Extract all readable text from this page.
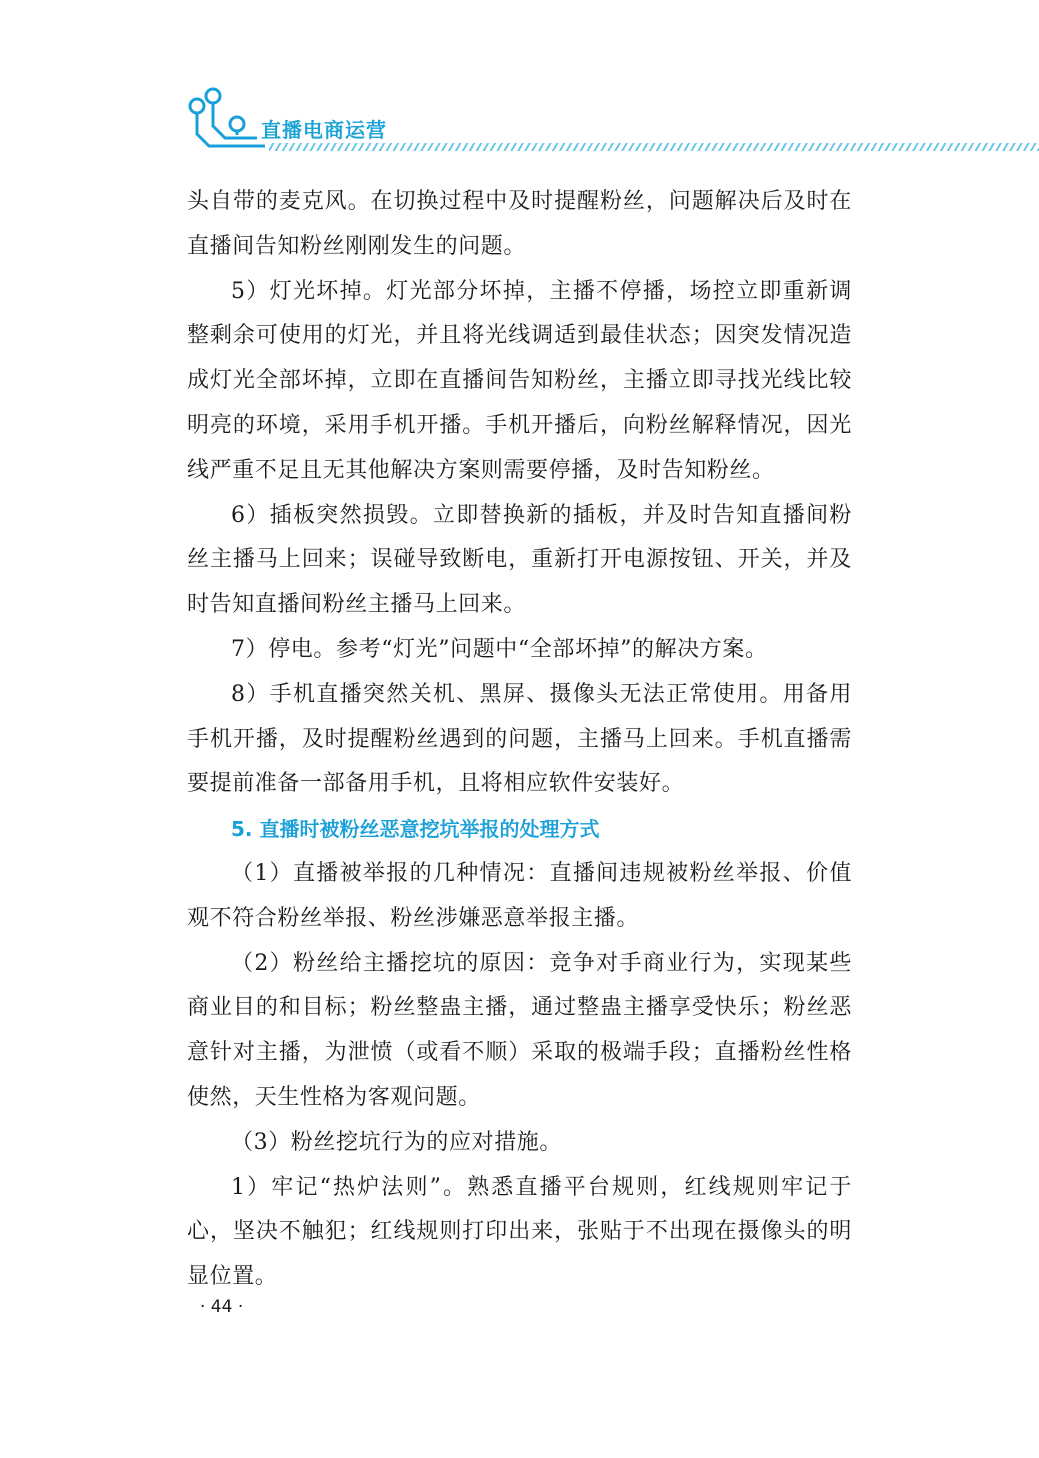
直播电商运营

头自带的麦克风。在切换过程中及时提醒粉丝，问题解决后及时在直播间告知粉丝刚刚发生的问题。

5）灯光坏掉。灯光部分坏掉，主播不停播，场控立即重新调整剩余可使用的灯光，并且将光线调适到最佳状态；因突发情况造成灯光全部坏掉，立即在直播间告知粉丝，主播立即寻找光线比较明亮的环境，采用手机开播。手机开播后，向粉丝解释情况，因光线严重不足且无其他解决方案则需要停播，及时告知粉丝。

6）插板突然损毁。立即替换新的插板，并及时告知直播间粉丝主播马上回来；误碰导致断电，重新打开电源按钮、开关，并及时告知直播间粉丝主播马上回来。

7）停电。参考“灯光”问题中“全部坏掉”的解决方案。

8）手机直播突然关机、黑屏、摄像头无法正常使用。用备用手机开播，及时提醒粉丝遇到的问题，主播马上回来。手机直播需要提前准备一部备用手机，且将相应软件安装好。

5. 直播时被粉丝恶意挖坑举报的处理方式

（1）直播被举报的几种情况：直播间违规被粉丝举报、价值观不符合粉丝举报、粉丝涉嫌恶意举报主播。

（2）粉丝给主播挖坑的原因：竞争对手商业行为，实现某些商业目的和目标；粉丝整蛊主播，通过整蛊主播享受快乐；粉丝恶意针对主播，为泄愤（或看不顺）采取的极端手段；直播粉丝性格使然，天生性格为客观问题。

（3）粉丝挖坑行为的应对措施。

1）牢记“热炉法则”。熟悉直播平台规则，红线规则牢记于心，坚决不触犯；红线规则打印出来，张贴于不出现在摄像头的明显位置。

· 44 ·
